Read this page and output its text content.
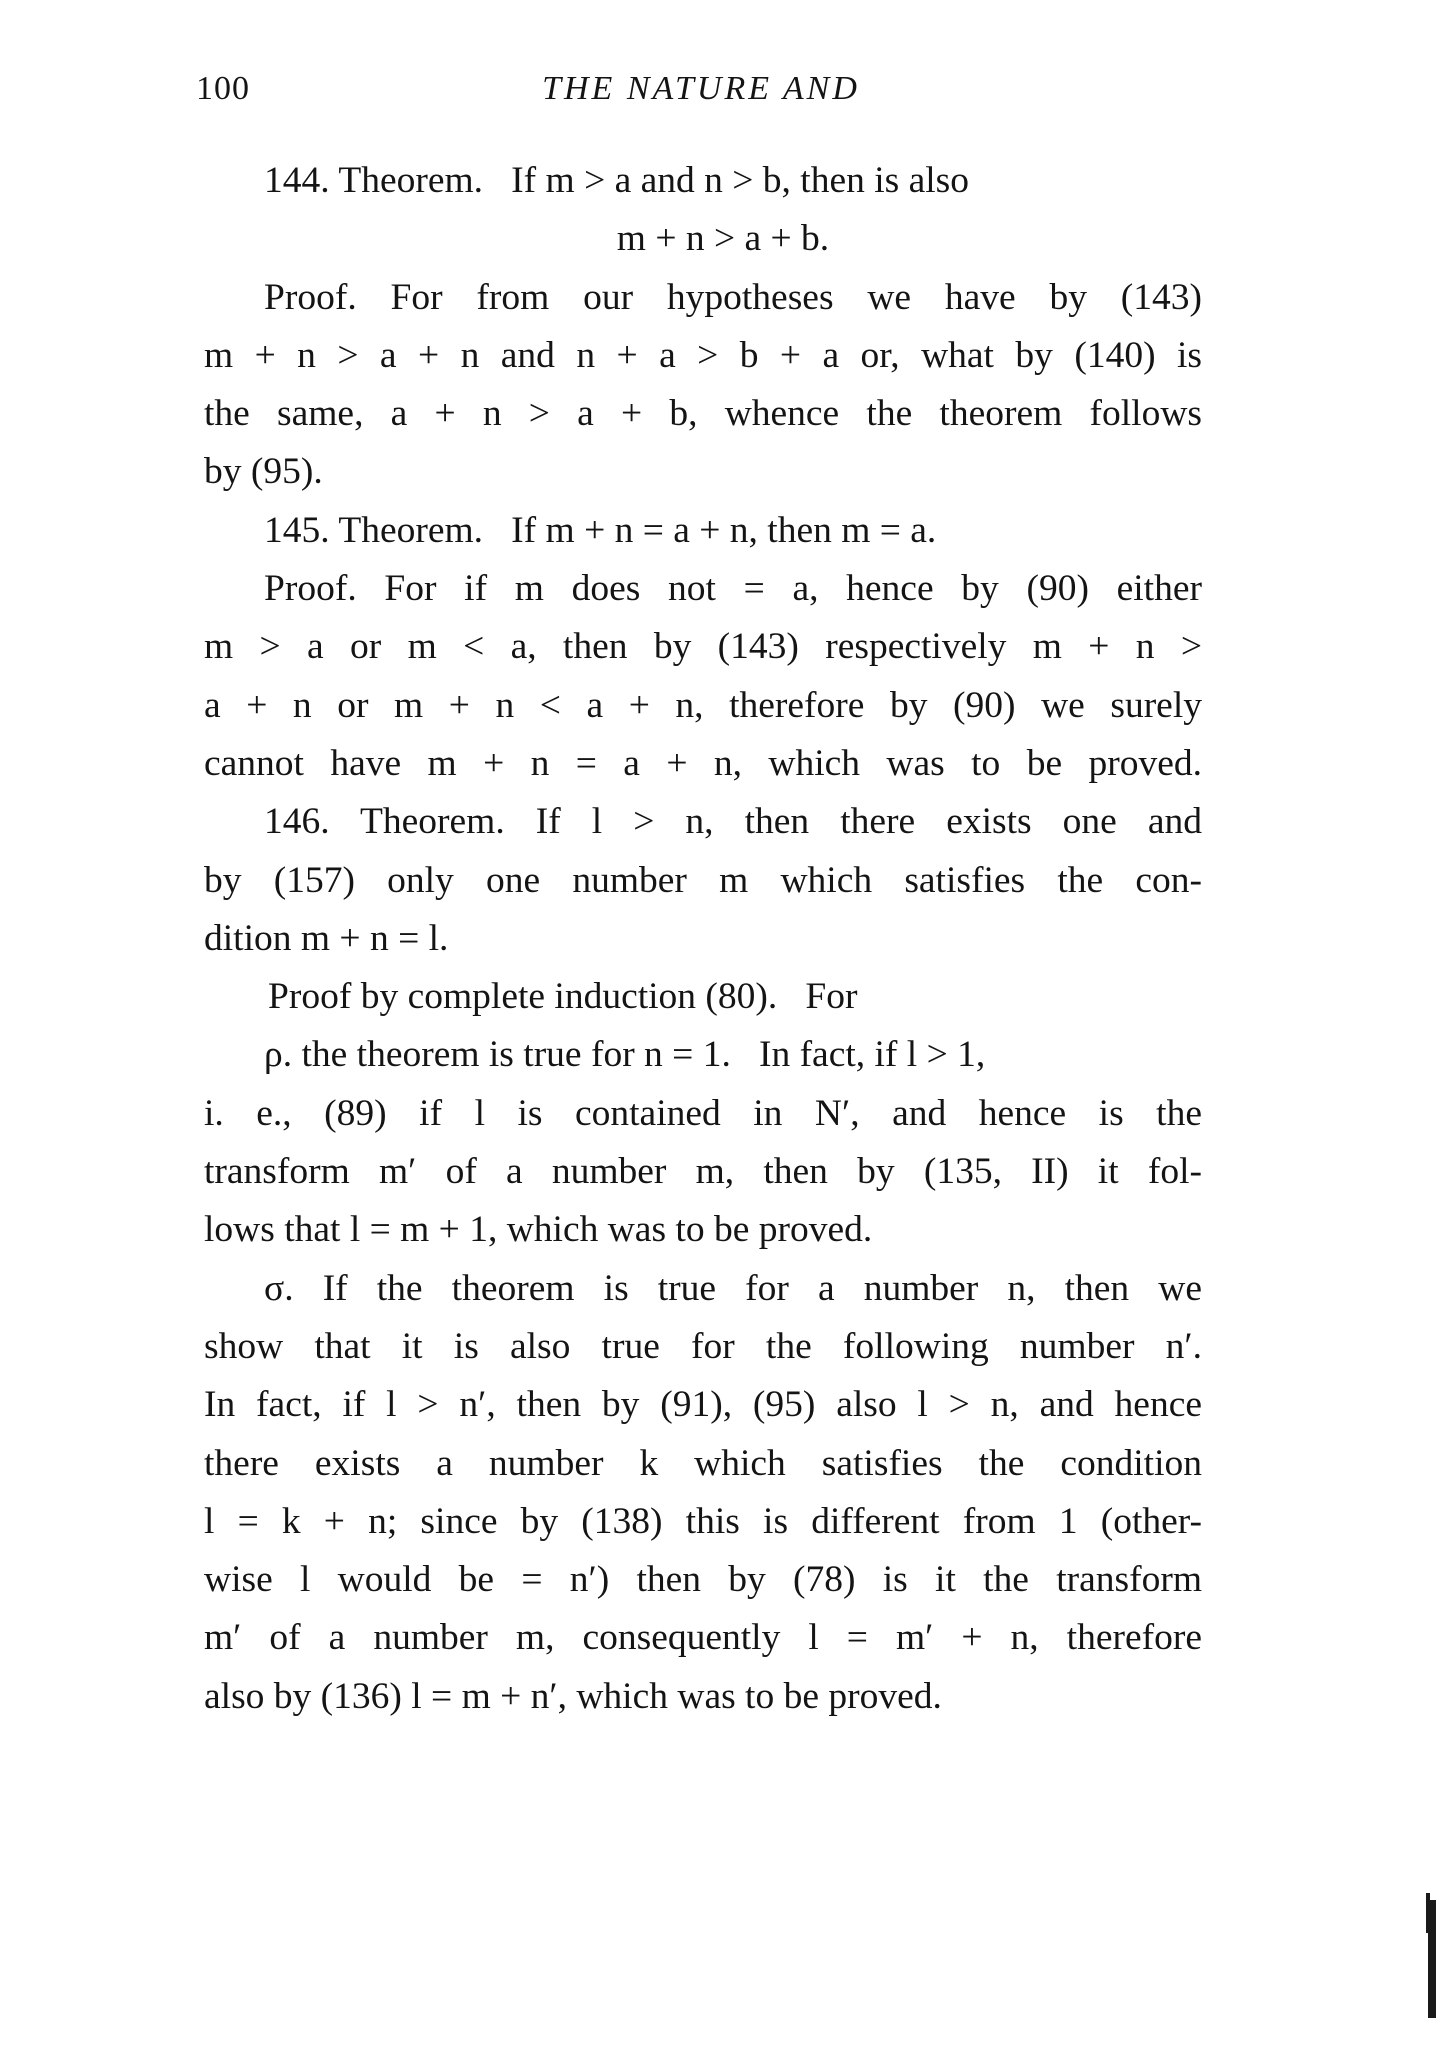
100	THE NATURE AND
144. Theorem.   If m > a and n > b, then is also
m + n > a + b.
Proof. For from our hypotheses we have by (143)
m + n > a + n and n + a > b + a or, what by (140) is
the same, a + n > a + b, whence the theorem follows
by (95).
145. Theorem.   If m + n = a + n, then m = a.
Proof. For if m does not = a, hence by (90) either
m > a or m < a, then by (143) respectively m + n >
a + n or m + n < a + n, therefore by (90) we surely
cannot have m + n = a + n, which was to be proved.
146. Theorem. If l > n, then there exists one and
by (157) only one number m which satisfies the con-
dition m + n = l.
Proof by complete induction (80).   For
ρ. the theorem is true for n = 1.   In fact, if l > 1,
i. e., (89) if l is contained in N′, and hence is the
transform m′ of a number m, then by (135, II) it fol-
lows that l = m + 1, which was to be proved.
σ. If the theorem is true for a number n, then we
show that it is also true for the following number n′.
In fact, if l > n′, then by (91), (95) also l > n, and hence
there exists a number k which satisfies the condition
l = k + n; since by (138) this is different from 1 (other-
wise l would be = n′) then by (78) is it the transform
m′ of a number m, consequently l = m′ + n, therefore
also by (136) l = m + n′, which was to be proved.
